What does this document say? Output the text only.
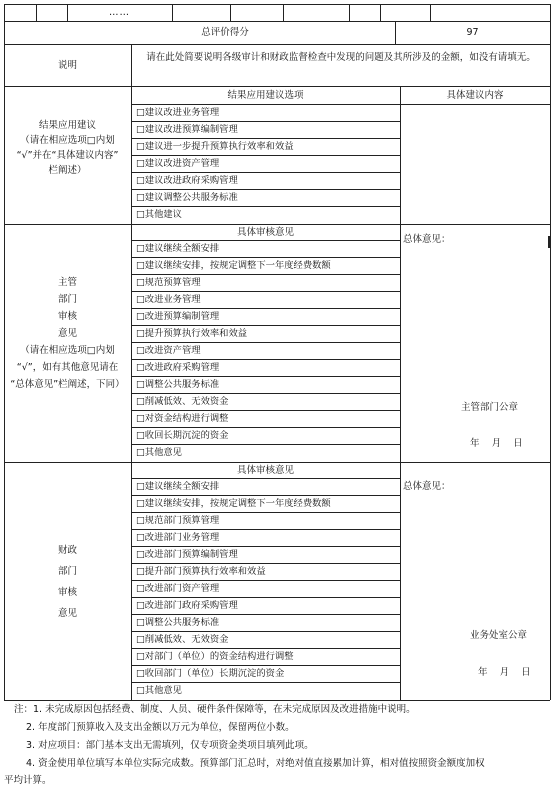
……
总评价得分	97
说明
请在此处简要说明各级审计和财政监督检查中发现的问题及其所涉及的金额，如没有请填无。
结果应用建议
（请在相应选项□内划
“√”并在“具体建议内容”
栏阐述）
结果应用建议选项	具体建议内容
□建议改进业务管理
□建议改进预算编制管理
□建议进一步提升预算执行效率和效益
□建议改进资产管理
□建议改进政府采购管理
□建议调整公共服务标准
□其他建议
主管
部门
审核
意见
（请在相应选项□内划
“√”，如有其他意见请在
“总体意见”栏阐述，下同）
具体审核意见
总体意见：
主管部门公章
年    月    日
□建议继续全额安排
□建议继续安排，按规定调整下一年度经费数额
□规范预算管理
□改进业务管理
□改进预算编制管理
□提升预算执行效率和效益
□改进资产管理
□改进政府采购管理
□调整公共服务标准
□削减低效、无效资金
□对资金结构进行调整
□收回长期沉淀的资金
□其他意见
财政
部门
审核
意见
具体审核意见
总体意见：
业务处室公章
年    月    日
□建议继续全额安排
□建议继续安排，按规定调整下一年度经费数额
□规范部门预算管理
□改进部门业务管理
□改进部门预算编制管理
□提升部门预算执行效率和效益
□改进部门资产管理
□改进部门政府采购管理
□调整公共服务标准
□削减低效、无效资金
□对部门（单位）的资金结构进行调整
□收回部门（单位）长期沉淀的资金
□其他意见
注：1. 未完成原因包括经费、制度、人员、硬件条件保障等，在未完成原因及改进措施中说明。
2. 年度部门预算收入及支出金额以万元为单位，保留两位小数。
3. 对应项目：部门基本支出无需填列，仅专项资金类项目填列此项。
4. 资金使用单位填写本单位实际完成数。预算部门汇总时，对绝对值直接累加计算，相对值按照资金额度加权
平均计算。
